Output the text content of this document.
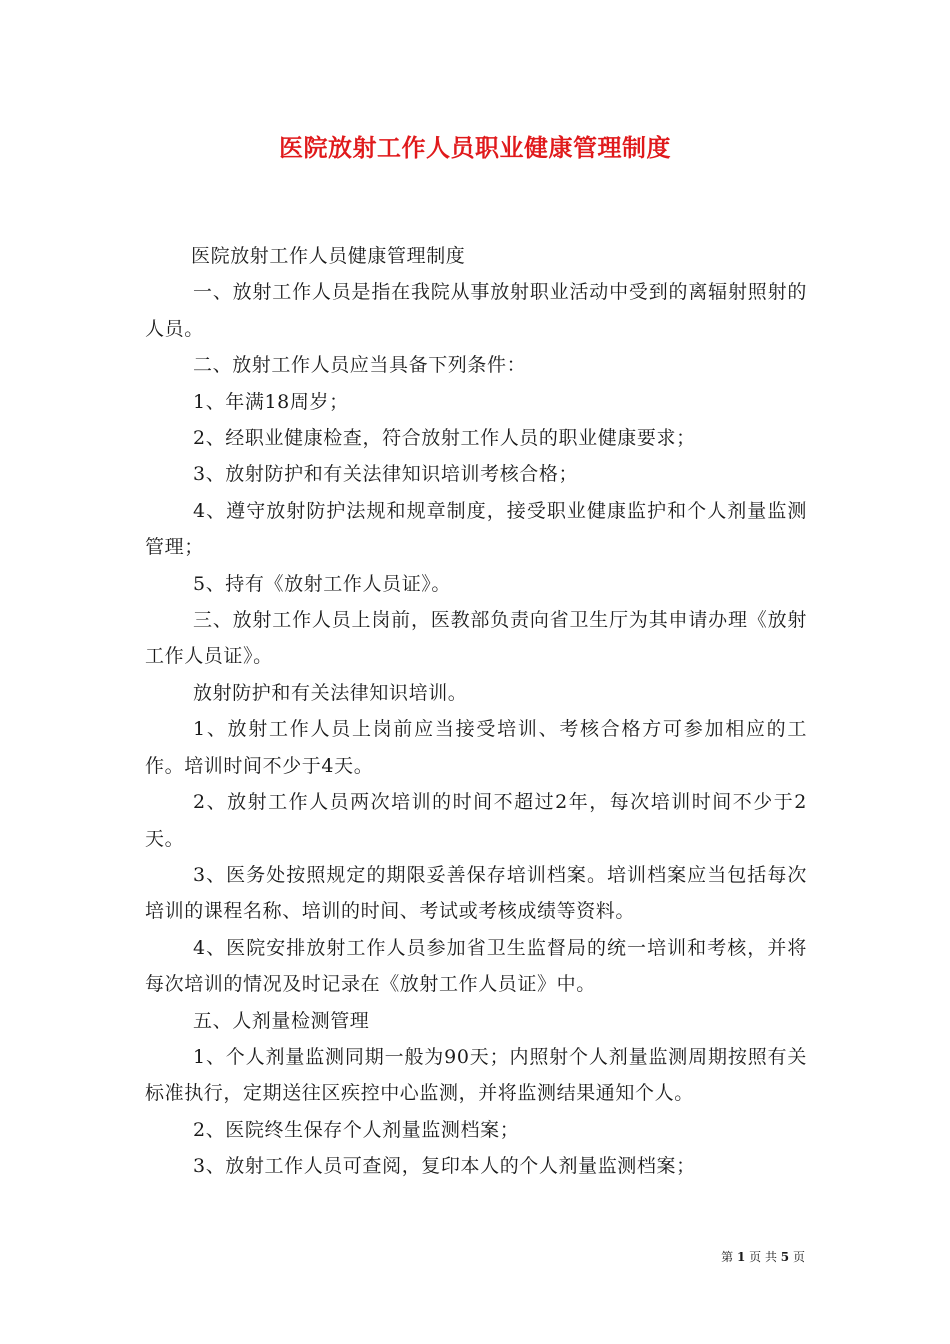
医院放射工作人员职业健康管理制度

医院放射工作人员健康管理制度

一、放射工作人员是指在我院从事放射职业活动中受到的离辐射照射的人员。

二、放射工作人员应当具备下列条件：

1、年满18周岁；

2、经职业健康检查，符合放射工作人员的职业健康要求；

3、放射防护和有关法律知识培训考核合格；

4、遵守放射防护法规和规章制度，接受职业健康监护和个人剂量监测管理；

5、持有《放射工作人员证》。

三、放射工作人员上岗前，医教部负责向省卫生厅为其申请办理《放射工作人员证》。

放射防护和有关法律知识培训。

1、放射工作人员上岗前应当接受培训、考核合格方可参加相应的工作。培训时间不少于4天。

2、放射工作人员两次培训的时间不超过2年，每次培训时间不少于2天。

3、医务处按照规定的期限妥善保存培训档案。培训档案应当包括每次培训的课程名称、培训的时间、考试或考核成绩等资料。

4、医院安排放射工作人员参加省卫生监督局的统一培训和考核，并将每次培训的情况及时记录在《放射工作人员证》中。

五、人剂量检测管理

1、个人剂量监测同期一般为90天；内照射个人剂量监测周期按照有关标准执行，定期送往区疾控中心监测，并将监测结果通知个人。

2、医院终生保存个人剂量监测档案；

3、放射工作人员可查阅，复印本人的个人剂量监测档案；

第 1 页 共 5 页
